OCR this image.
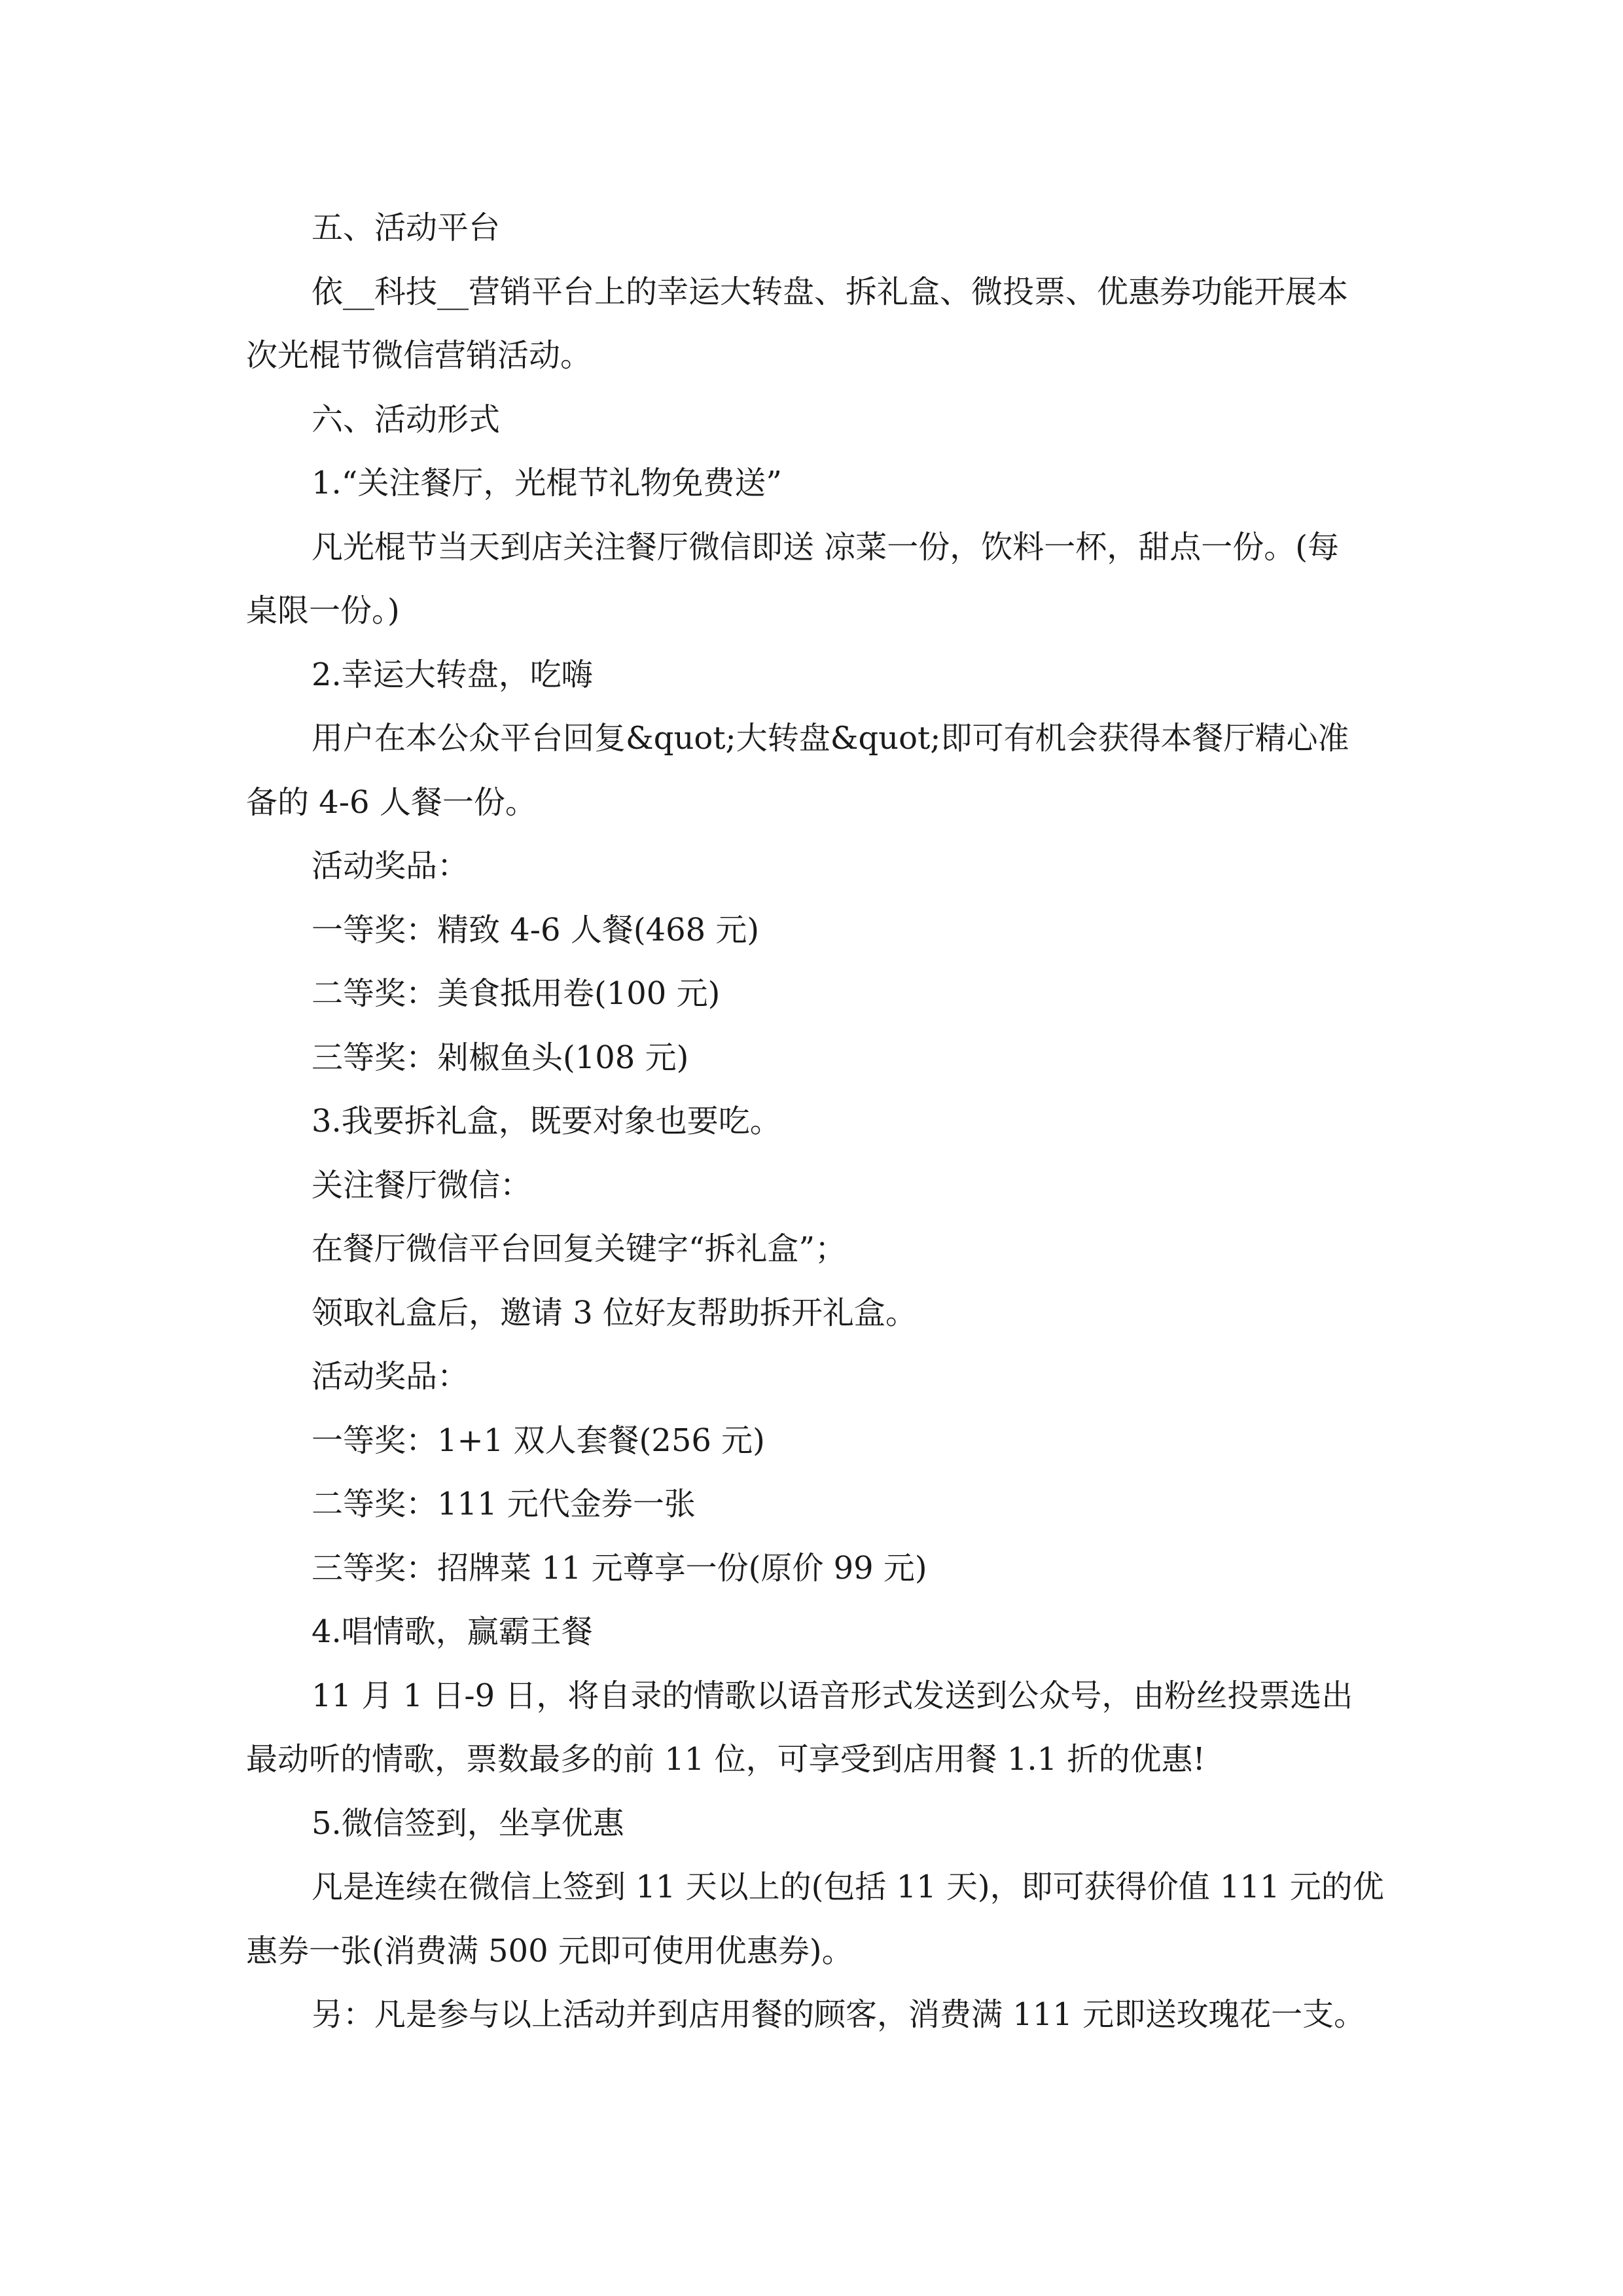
五、活动平台
依__科技__营销平台上的幸运大转盘、拆礼盒、微投票、优惠券功能开展本
次光棍节微信营销活动。
六、活动形式
1.“关注餐厅，光棍节礼物免费送”
凡光棍节当天到店关注餐厅微信即送 凉菜一份，饮料一杯，甜点一份。(每
桌限一份。)
2.幸运大转盘，吃嗨
用户在本公众平台回复&quot;大转盘&quot;即可有机会获得本餐厅精心准
备的 4-6 人餐一份。
活动奖品：
一等奖：精致 4-6 人餐(468 元)
二等奖：美食抵用卷(100 元)
三等奖：剁椒鱼头(108 元)
3.我要拆礼盒，既要对象也要吃。
关注餐厅微信：
在餐厅微信平台回复关键字“拆礼盒”；
领取礼盒后，邀请 3 位好友帮助拆开礼盒。
活动奖品：
一等奖：1+1 双人套餐(256 元)
二等奖：111 元代金券一张
三等奖：招牌菜 11 元尊享一份(原价 99 元)
4.唱情歌，赢霸王餐
11 月 1 日-9 日，将自录的情歌以语音形式发送到公众号，由粉丝投票选出
最动听的情歌，票数最多的前 11 位，可享受到店用餐 1.1 折的优惠!
5.微信签到，坐享优惠
凡是连续在微信上签到 11 天以上的(包括 11 天)，即可获得价值 111 元的优
惠券一张(消费满 500 元即可使用优惠券)。
另：凡是参与以上活动并到店用餐的顾客，消费满 111 元即送玫瑰花一支。
